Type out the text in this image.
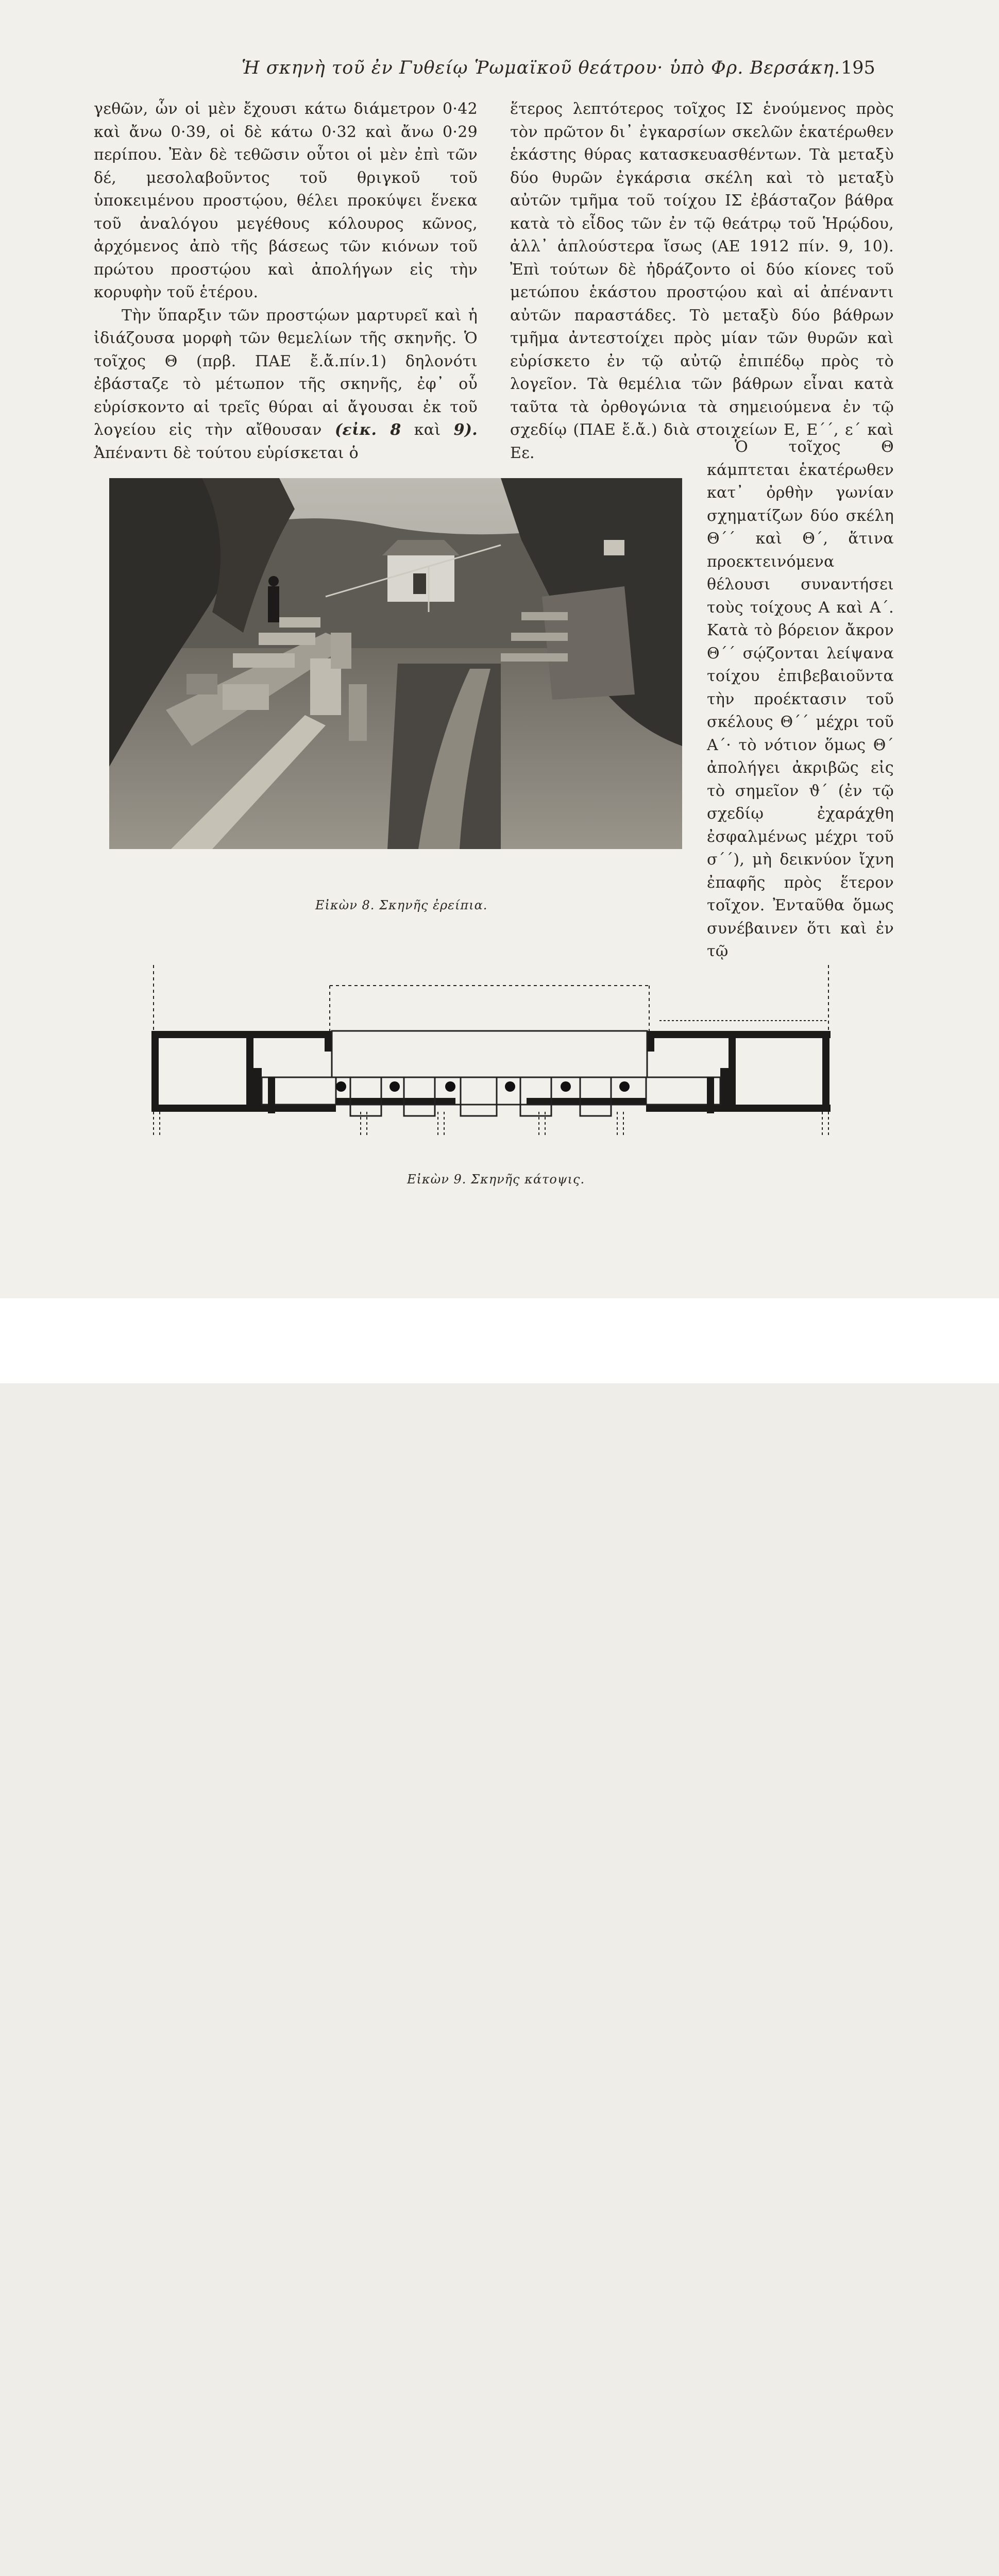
Ἡ σκηνὴ τοῦ ἐν Γυθείῳ Ῥωμαϊκοῦ θεάτρου· ὑπὸ Φρ. Βερσάκη. 195

γεθῶν, ὧν οἱ μὲν ἔχουσι κάτω διάμετρον 0·42 καὶ ἄνω 0·39, οἱ δὲ κάτω 0·32 καὶ ἄνω 0·29 περίπου. Ἐὰν δὲ τεθῶσιν οὗτοι οἱ μὲν ἐπὶ τῶν δέ, μεσολαβοῦντος τοῦ θριγκοῦ τοῦ ὑποκειμένου προστῴου, θέλει προκύψει ἕνεκα τοῦ ἀναλόγου μεγέθους κόλουρος κῶνος, ἀρχόμενος ἀπὸ τῆς βάσεως τῶν κιόνων τοῦ πρώτου προστῴου καὶ ἀπολήγων εἰς τὴν κορυφὴν τοῦ ἑτέρου.

Τὴν ὕπαρξιν τῶν προστῴων μαρτυρεῖ καὶ ἡ ἰδιάζουσα μορφὴ τῶν θεμελίων τῆς σκηνῆς. Ὁ τοῖχος Θ (πρβ. ΠΑΕ ἔ.ἄ.πίν.1) δηλονότι ἐβάσταζε τὸ μέτωπον τῆς σκηνῆς, ἐφ᾽ οὗ εὑρίσκοντο αἱ τρεῖς θύραι αἱ ἄγουσαι ἐκ τοῦ λογείου εἰς τὴν αἴθουσαν (εἰκ. 8 καὶ 9). Ἀπέναντι δὲ τούτου εὑρίσκεται ὁ

ἕτερος λεπτότερος τοῖχος ΙΣ ἑνούμενος πρὸς τὸν πρῶτον δι᾽ ἐγκαρσίων σκελῶν ἑκατέρωθεν ἑκάστης θύρας κατασκευασθέντων. Τὰ μεταξὺ δύο θυρῶν ἐγκάρσια σκέλη καὶ τὸ μεταξὺ αὐτῶν τμῆμα τοῦ τοίχου ΙΣ ἐβάσταζον βάθρα κατὰ τὸ εἶδος τῶν ἐν τῷ θεάτρῳ τοῦ Ἡρῴδου, ἀλλ᾽ ἁπλούστερα ἴσως (ΑΕ 1912 πίν. 9, 10). Ἐπὶ τούτων δὲ ἠδράζοντο οἱ δύο κίονες τοῦ μετώπου ἑκάστου προστῴου καὶ αἱ ἀπέναντι αὐτῶν παραστάδες. Τὸ μεταξὺ δύο βάθρων τμῆμα ἀντεστοίχει πρὸς μίαν τῶν θυρῶν καὶ εὑρίσκετο ἐν τῷ αὐτῷ ἐπιπέδῳ πρὸς τὸ λογεῖον. Τὰ θεμέλια τῶν βάθρων εἶναι κατὰ ταῦτα τὰ ὀρθογώνια τὰ σημειούμενα ἐν τῷ σχεδίῳ (ΠΑΕ ἔ.ἄ.) διὰ στοιχείων Ε, Ε΄΄, ε΄ καὶ Εε.	Ὁ τοῖχος Θ κάμπτεται ἑκατέρωθεν κατ᾽ ὀρθὴν γωνίαν σχηματίζων δύο σκέλη Θ΄΄ καὶ Θ΄, ἅτινα προεκτεινόμενα θέλουσι συναντήσει τοὺς τοίχους Α καὶ Α΄. Κατὰ τὸ βόρειον ἄκρον Θ΄΄ σῴζονται λείψανα τοίχου ἐπιβεβαιοῦντα τὴν προέκτασιν τοῦ σκέλους Θ΄΄ μέχρι τοῦ Α΄· τὸ νότιον ὅμως Θ΄ ἀπολήγει ἀκριβῶς εἰς τὸ σημεῖον ϑ΄ (ἐν τῷ σχεδίῳ ἐχαράχθη ἐσφαλμένως μέχρι τοῦ σ΄΄), μὴ δεικνύον ἴχνη ἐπαφῆς πρὸς ἕτερον τοῖχον. Ἐνταῦθα ὅμως συνέβαινεν ὅτι καὶ ἐν τῷ

Εἰκὼν 8. Σκηνῆς ἐρείπια.
Εἰκὼν 9. Σκηνῆς κάτοψις.
